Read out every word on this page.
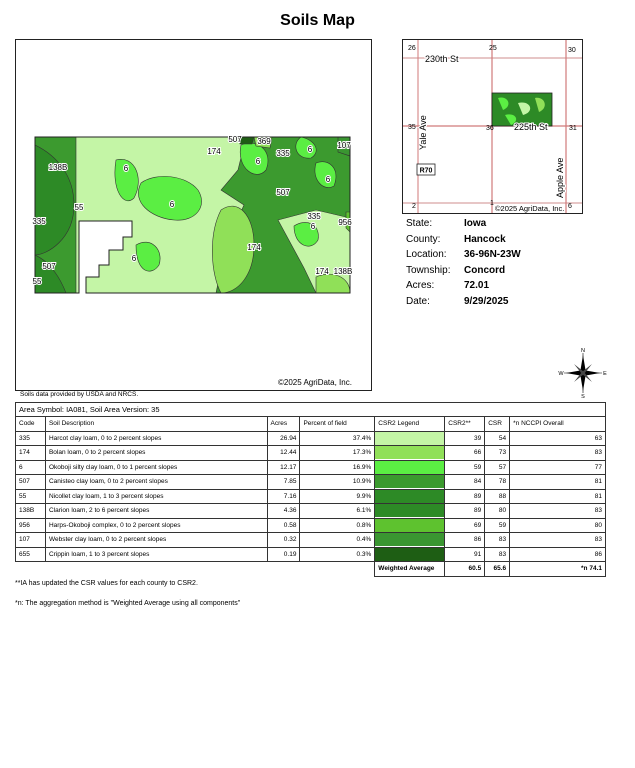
Soils Map
138B	6
55
174
507 369
335 6	107
6
6
507
6
335
6	956
174
174 138B
335
507
55
6
©2025 AgriData, Inc.
Soils data provided by USDA and NRCS.
R70
26	25	30
35	36	31
2	1	6
230th St
225th St
Yale Ave
Apple Ave
©2025 AgriData, Inc.
State:	Iowa
County:	Hancock
Location:	36-96N-23W
Township:	Concord
Acres:	72.01
Date:	9/29/2025
N
S
W	E
Area Symbol: IA081, Soil Area Version: 35							
Code	Soil Description	Acres	Percent of field	CSR2 Legend	CSR2**	CSR	*n NCCPI Overall
335	Harcot clay loam, 0 to 2 percent slopes	26.94	37.4%		39	54	63
174	Bolan loam, 0 to 2 percent slopes	12.44	17.3%		66	73	83
6	Okoboji silty clay loam, 0 to 1 percent slopes	12.17	16.9%		59	57	77
507	Canisteo clay loam, 0 to 2 percent slopes	7.85	10.9%		84	78	81
55	Nicollet clay loam, 1 to 3 percent slopes	7.16	9.9%		89	88	81
138B	Clarion loam, 2 to 6 percent slopes	4.36	6.1%		89	80	83
956	Harps-Okoboji complex, 0 to 2 percent slopes	0.58	0.8%		69	59	80
107	Webster clay loam, 0 to 2 percent slopes	0.32	0.4%		86	83	83
655	Crippin loam, 1 to 3 percent slopes	0.19	0.3%		91	83	86
				Weighted Average	60.5	65.6	*n 74.1
**IA has updated the CSR values for each county to CSR2.
*n: The aggregation method is "Weighted Average using all components"
